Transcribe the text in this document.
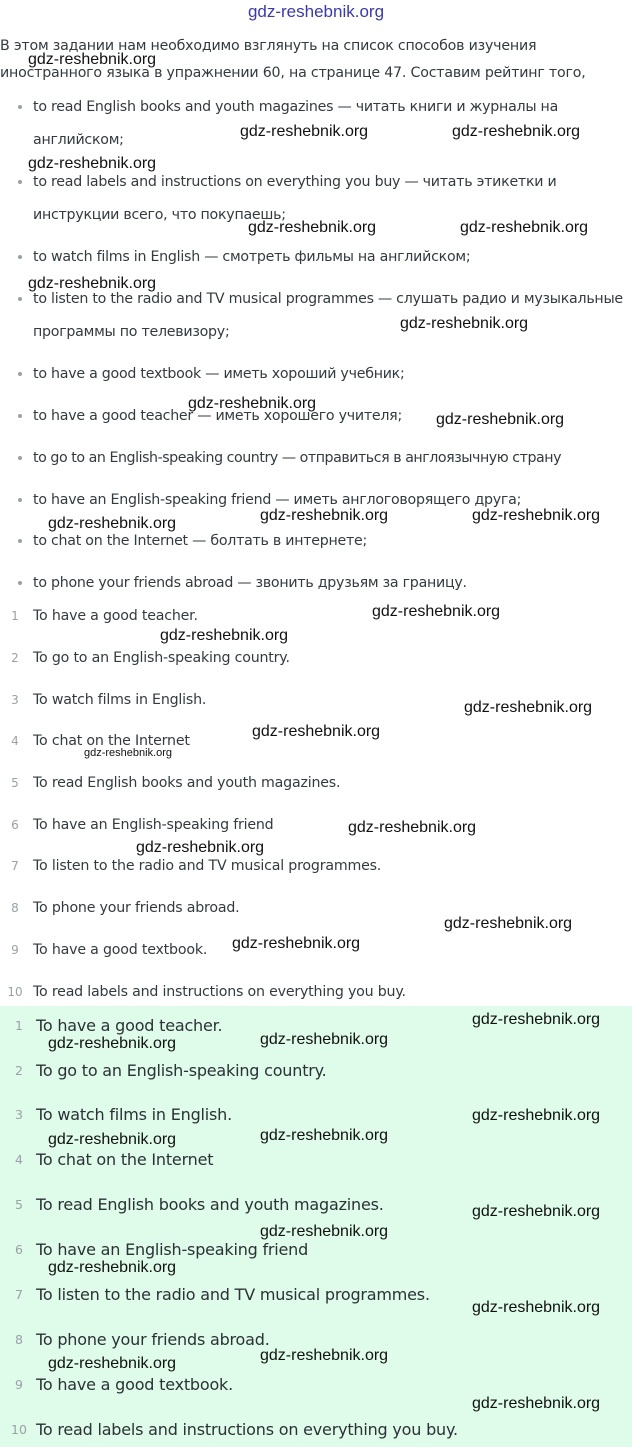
gdz-reshebnik.org
В этом задании нам необходимо взглянуть на список способов изучения
иностранного языка в упражнении 60, на странице 47. Составим рейтинг того,
to read English books and youth magazines — читать книги и журналы на английском;
to read labels and instructions on everything you buy — читать этикетки и инструкции всего, что покупаешь;
to watch films in English — смотреть фильмы на английском;
to listen to the radio and TV musical programmes — слушать радио и музыкальные программы по телевизору;
to have a good textbook — иметь хороший учебник;
to have a good teacher — иметь хорошего учителя;
to go to an English-speaking country — отправиться в англоязычную страну
to have an English-speaking friend — иметь англоговорящего друга;
to chat on the Internet — болтать в интернете;
to phone your friends abroad — звонить друзьям за границу.
1 To have a good teacher.
2 To go to an English-speaking country.
3 To watch films in English.
4 To chat on the Internet
5 To read English books and youth magazines.
6 To have an English-speaking friend
7 To listen to the radio and TV musical programmes.
8 To phone your friends abroad.
9 To have a good textbook.
10 To read labels and instructions on everything you buy.
1 To have a good teacher.
2 To go to an English-speaking country.
3 To watch films in English.
4 To chat on the Internet
5 To read English books and youth magazines.
6 To have an English-speaking friend
7 To listen to the radio and TV musical programmes.
8 To phone your friends abroad.
9 To have a good textbook.
10 To read labels and instructions on everything you buy.
gdz-reshebnik.org
gdz-reshebnik.org	gdz-reshebnik.org
gdz-reshebnik.org
gdz-reshebnik.org	gdz-reshebnik.org
gdz-reshebnik.org
gdz-reshebnik.org
gdz-reshebnik.org
gdz-reshebnik.org
gdz-reshebnik.org	gdz-reshebnik.org
gdz-reshebnik.org
gdz-reshebnik.org
gdz-reshebnik.org
gdz-reshebnik.org
gdz-reshebnik.org
gdz-reshebnik.org
gdz-reshebnik.org
gdz-reshebnik.org
gdz-reshebnik.org
gdz-reshebnik.org
gdz-reshebnik.org
gdz-reshebnik.org
gdz-reshebnik.org
gdz-reshebnik.org
gdz-reshebnik.org
gdz-reshebnik.org
gdz-reshebnik.org
gdz-reshebnik.org
gdz-reshebnik.org
gdz-reshebnik.org
gdz-reshebnik.org
gdz-reshebnik.org
gdz-reshebnik.org
